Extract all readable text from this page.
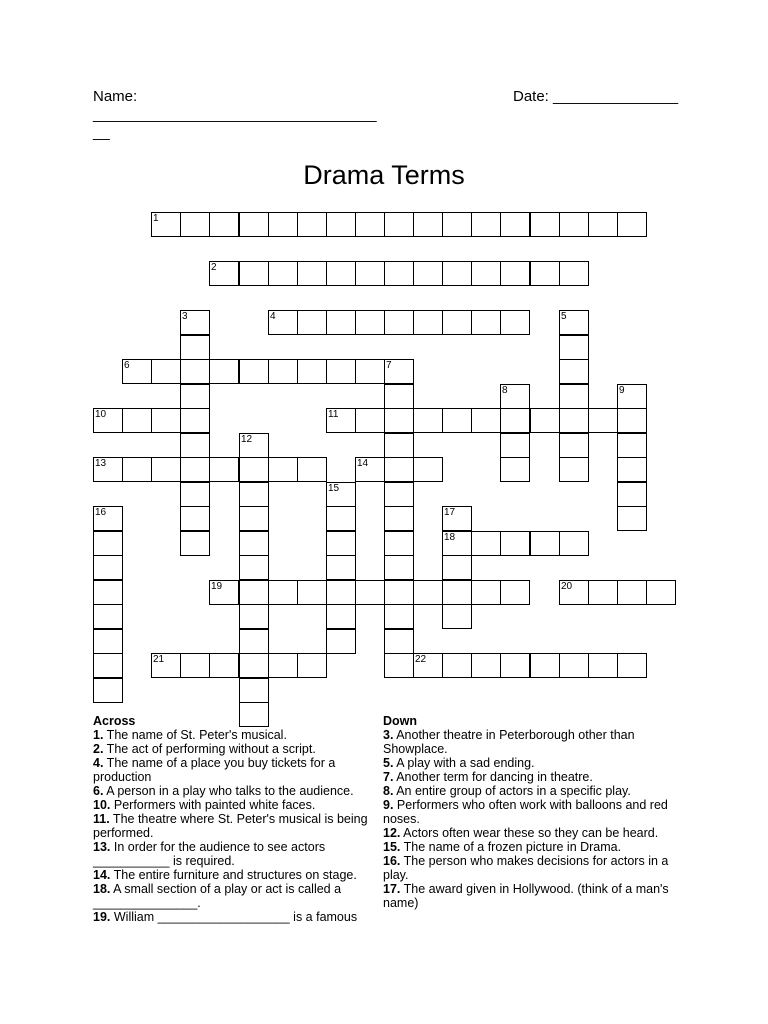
Name:
__________________________________
__
Date: _______________
Drama Terms
1
2
3	4	5
6	7
8	9
10	11
12
13	14
15
16	17
18
19	20
21	22
Across
1. The name of St. Peter's musical.
2. The act of performing without a script.
4. The name of a place you buy tickets for a production
6. A person in a play who talks to the audience.
10. Performers with painted white faces.
11. The theatre where St. Peter's musical is being performed.
13. In order for the audience to see actors ___________ is required.
14. The entire furniture and structures on stage.
18. A small section of a play or act is called a _______________.
19. William ___________________ is a famous
Down
3. Another theatre in Peterborough other than Showplace.
5. A play with a sad ending.
7. Another term for dancing in theatre.
8. An entire group of actors in a specific play.
9. Performers who often work with balloons and red noses.
12. Actors often wear these so they can be heard.
15. The name of a frozen picture in Drama.
16. The person who makes decisions for actors in a play.
17. The award given in Hollywood. (think of a man's name)
